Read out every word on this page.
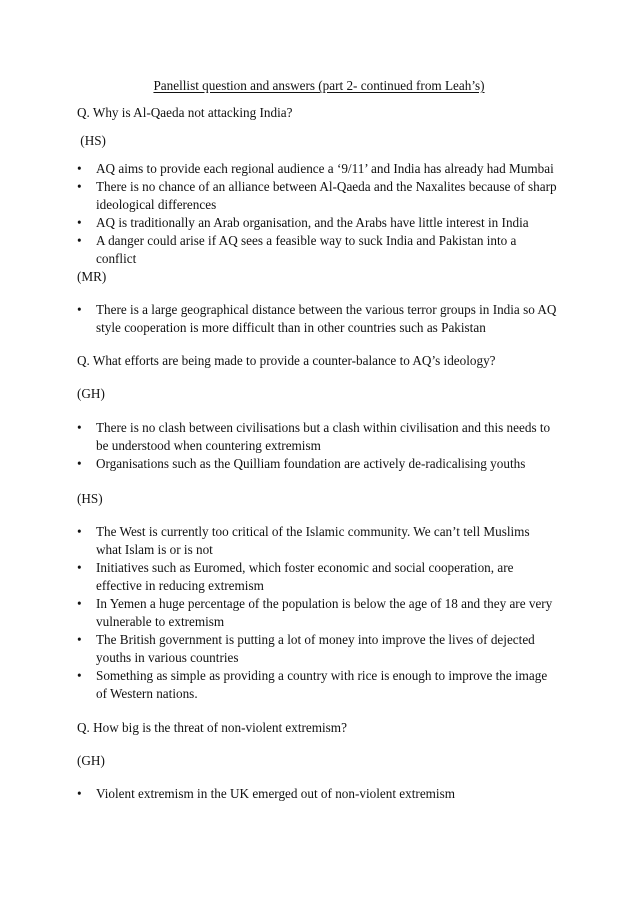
Panellist question and answers (part 2- continued from Leah’s)
Q. Why is Al-Qaeda not attacking India?
(HS)
• AQ aims to provide each regional audience a ‘9/11’ and India has already had Mumbai
• There is no chance of an alliance between Al-Qaeda and the Naxalites because of sharp ideological differences
• AQ is traditionally an Arab organisation, and the Arabs have little interest in India
• A danger could arise if AQ sees a feasible way to suck India and Pakistan into a conflict
(MR)
• There is a large geographical distance between the various terror groups in India so AQ style cooperation is more difficult than in other countries such as Pakistan
Q. What efforts are being made to provide a counter-balance to AQ’s ideology?
(GH)
• There is no clash between civilisations but a clash within civilisation and this needs to be understood when countering extremism
• Organisations such as the Quilliam foundation are actively de-radicalising youths
(HS)
• The West is currently too critical of the Islamic community. We can’t tell Muslims what Islam is or is not
• Initiatives such as Euromed, which foster economic and social cooperation, are effective in reducing extremism
• In Yemen a huge percentage of the population is below the age of 18 and they are very vulnerable to extremism
• The British government is putting a lot of money into improve the lives of dejected youths in various countries
• Something as simple as providing a country with rice is enough to improve the image of Western nations.
Q. How big is the threat of non-violent extremism?
(GH)
• Violent extremism in the UK emerged out of non-violent extremism
